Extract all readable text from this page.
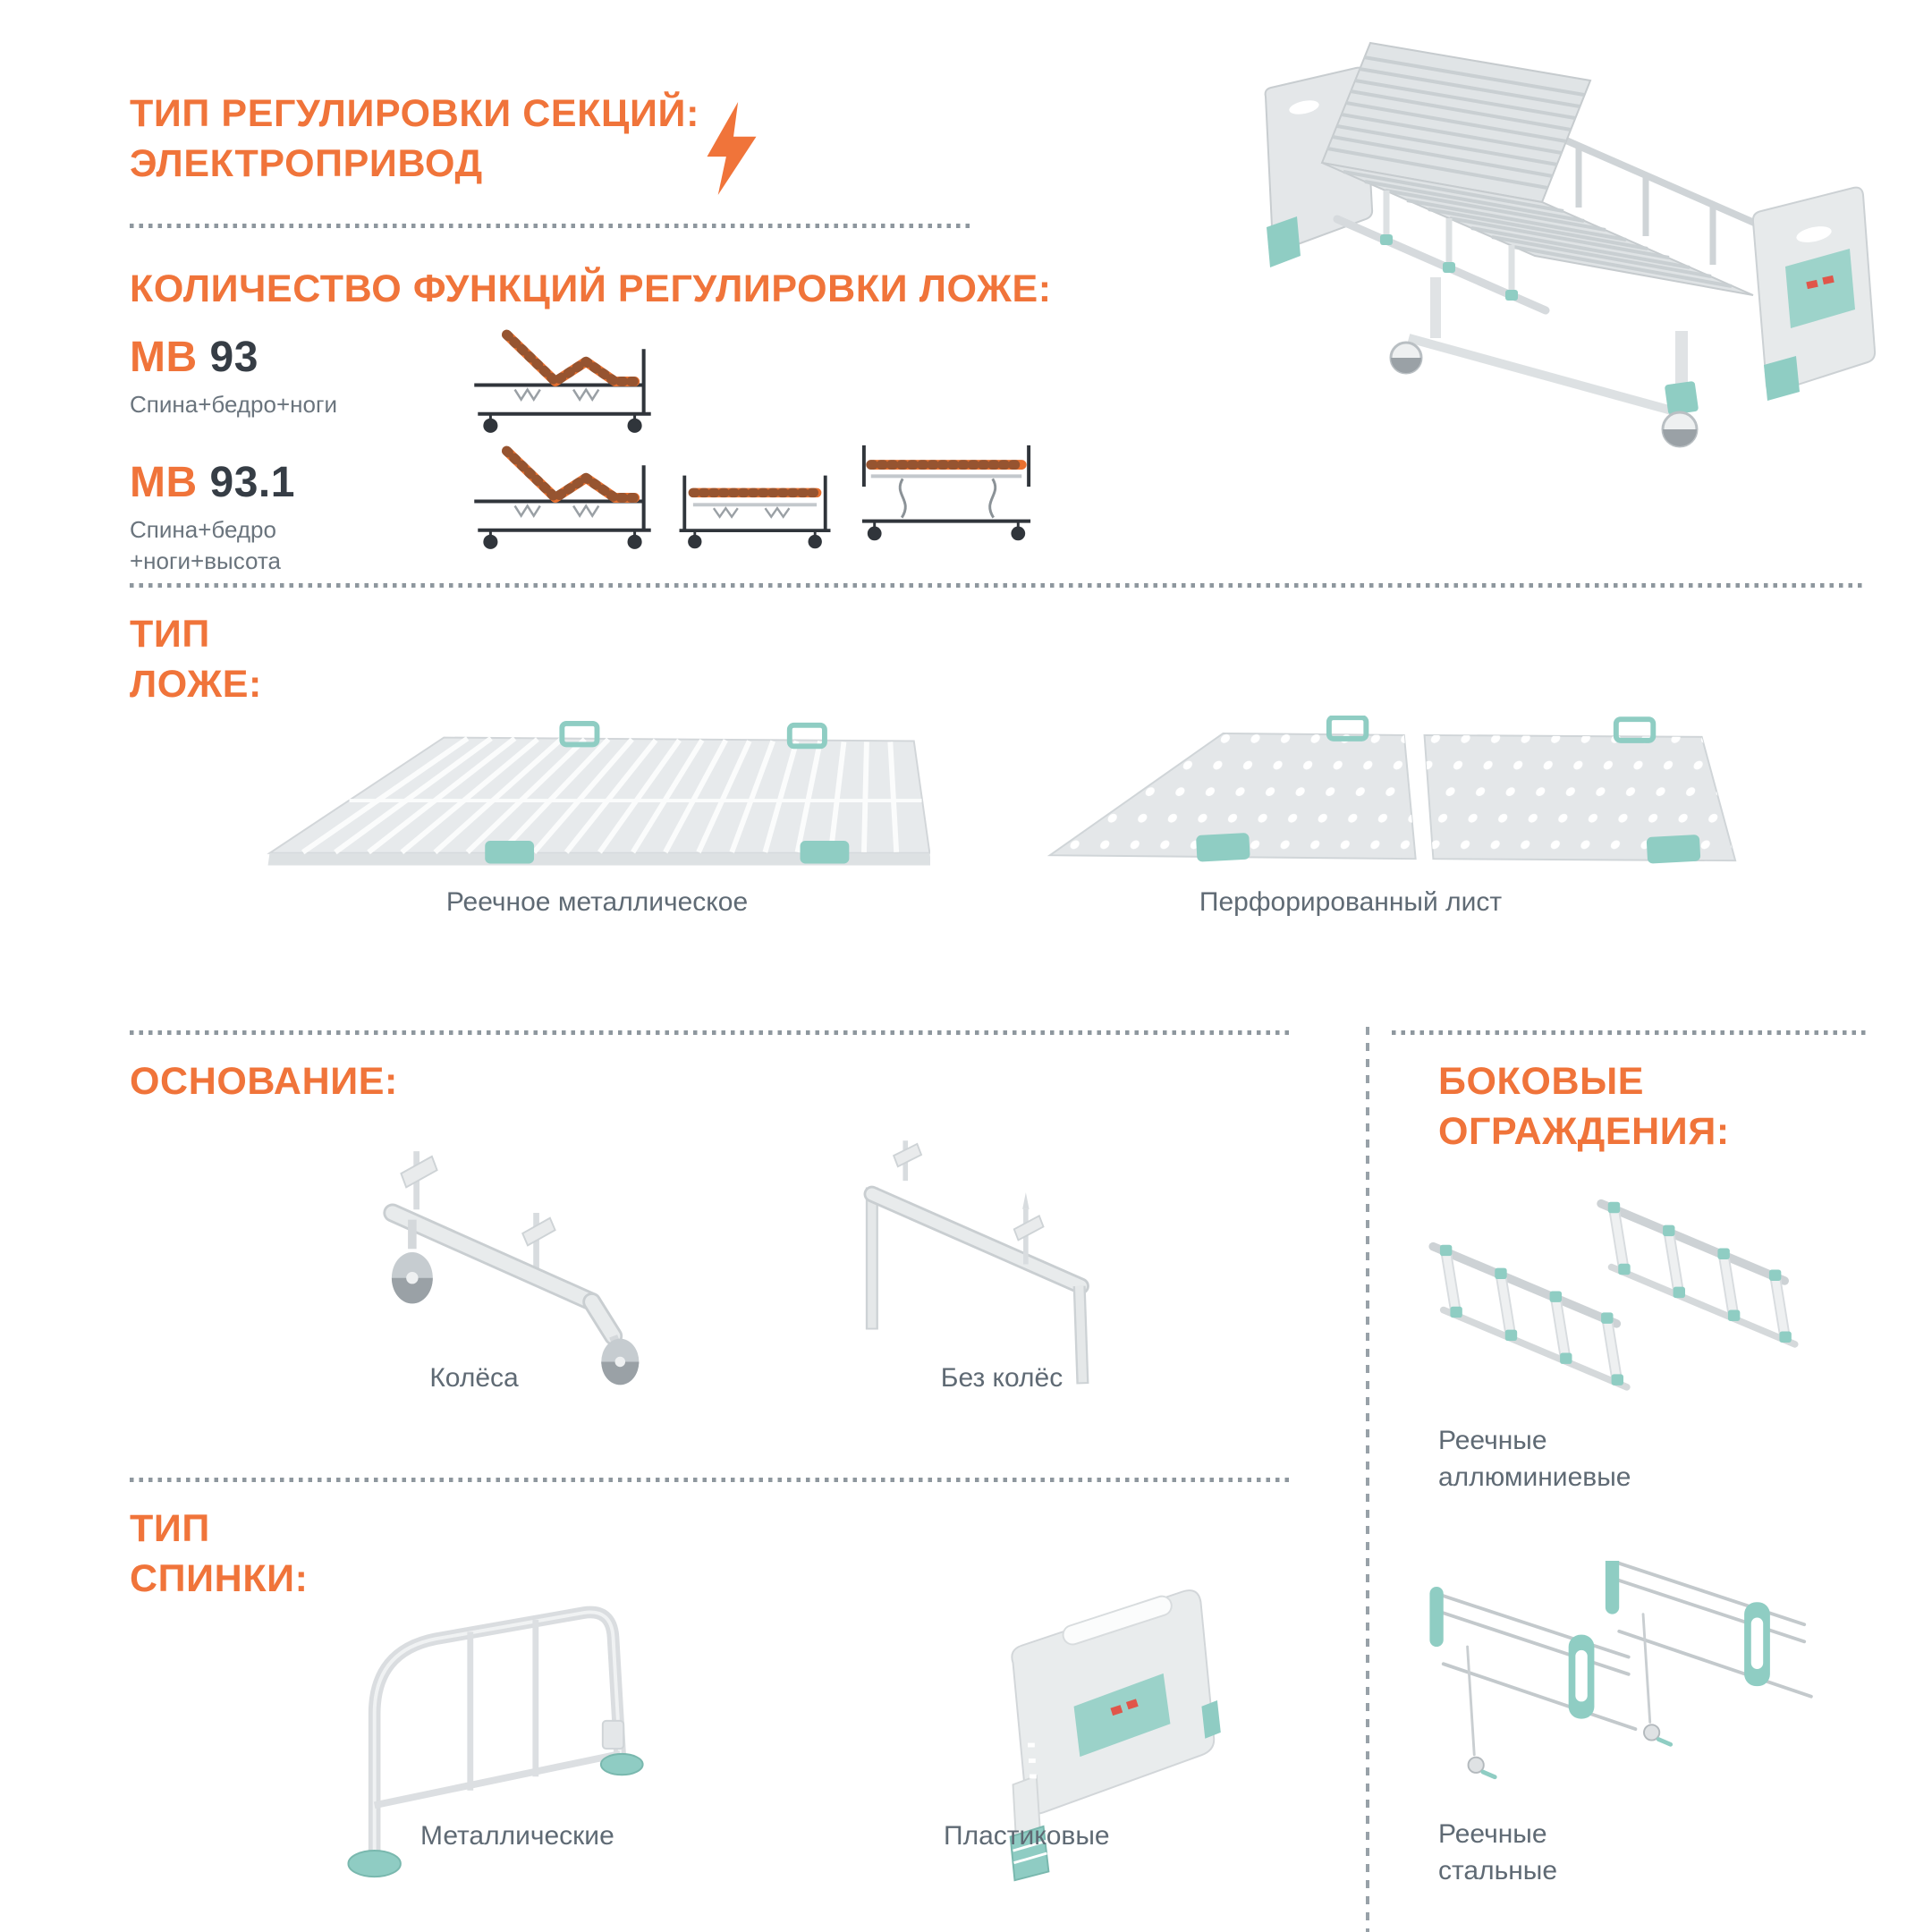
ТИП РЕГУЛИРОВКИ СЕКЦИЙ:
ЭЛЕКТРОПРИВОД
КОЛИЧЕСТВО ФУНКЦИЙ РЕГУЛИРОВКИ ЛОЖЕ:
МВ 93
Спина+бедро+ноги
МВ 93.1
Спина+бедро
+ноги+высота
ТИП
ЛОЖЕ:
Реечное металлическое	Перфорированный лист
ОСНОВАНИЕ:
Колёса	Без колёс
БОКОВЫЕ
ОГРАЖДЕНИЯ:
Реечные
аллюминиевые
ТИП
СПИНКИ:
Металлические	Пластиковые	Реечные
стальные
